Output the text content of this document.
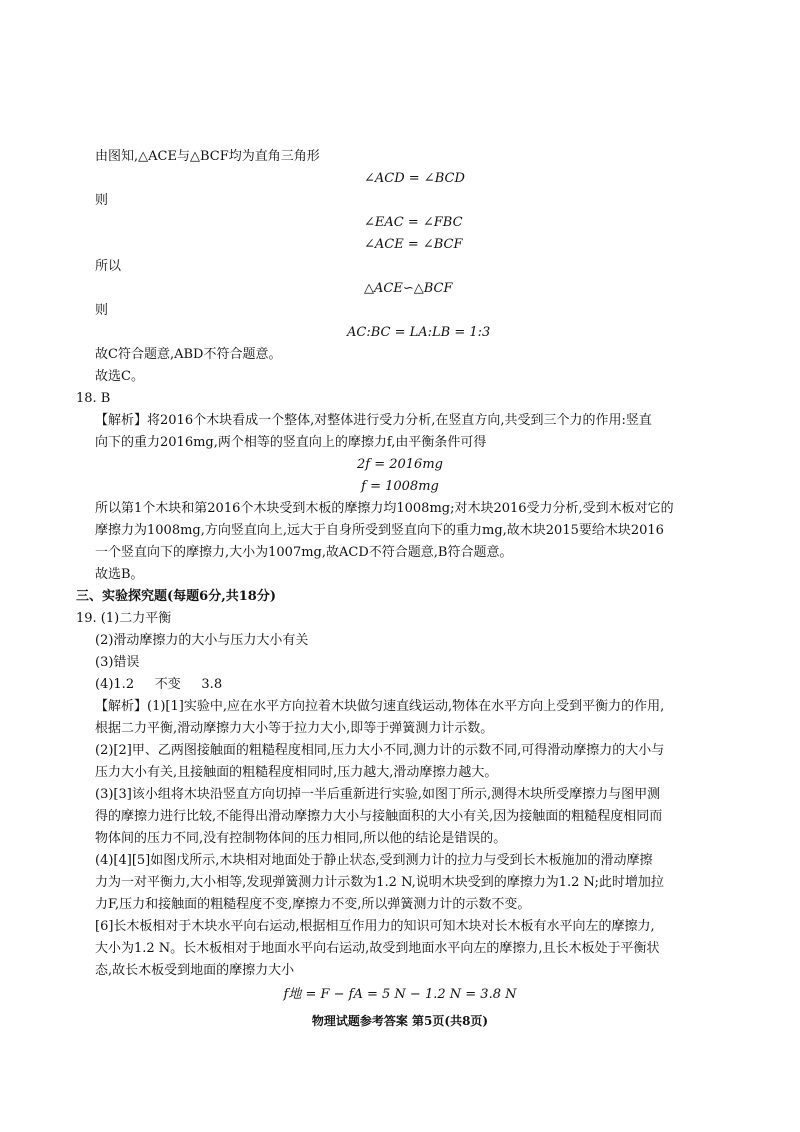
由图知,△ACE与△BCF均为直角三角形
∠ACD = ∠BCD
则
∠EAC = ∠FBC
∠ACE = ∠BCF
所以
△ACE∽△BCF
则
AC:BC = LA:LB = 1:3
故C符合题意,ABD不符合题意。
故选C。
18. B
【解析】将2016个木块看成一个整体,对整体进行受力分析,在竖直方向,共受到三个力的作用:竖直
向下的重力2016mg,两个相等的竖直向上的摩擦力f,由平衡条件可得
2f = 2016mg
f = 1008mg
所以第1个木块和第2016个木块受到木板的摩擦力均1008mg;对木块2016受力分析,受到木板对它的
摩擦力为1008mg,方向竖直向上,远大于自身所受到竖直向下的重力mg,故木块2015要给木块2016
一个竖直向下的摩擦力,大小为1007mg,故ACD不符合题意,B符合题意。
故选B。
三、实验探究题(每题6分,共18分)
19. (1)二力平衡
(2)滑动摩擦力的大小与压力大小有关
(3)错误
(4)1.2     不变     3.8
【解析】(1)[1]实验中,应在水平方向拉着木块做匀速直线运动,物体在水平方向上受到平衡力的作用,
根据二力平衡,滑动摩擦力大小等于拉力大小,即等于弹簧测力计示数。
(2)[2]甲、乙两图接触面的粗糙程度相同,压力大小不同,测力计的示数不同,可得滑动摩擦力的大小与
压力大小有关,且接触面的粗糙程度相同时,压力越大,滑动摩擦力越大。
(3)[3]该小组将木块沿竖直方向切掉一半后重新进行实验,如图丁所示,测得木块所受摩擦力与图甲测
得的摩擦力进行比较,不能得出滑动摩擦力大小与接触面积的大小有关,因为接触面的粗糙程度相同而
物体间的压力不同,没有控制物体间的压力相同,所以他的结论是错误的。
(4)[4][5]如图戊所示,木块相对地面处于静止状态,受到测力计的拉力与受到长木板施加的滑动摩擦
力为一对平衡力,大小相等,发现弹簧测力计示数为1.2 N,说明木块受到的摩擦力为1.2 N;此时增加拉
力F,压力和接触面的粗糙程度不变,摩擦力不变,所以弹簧测力计的示数不变。
[6]长木板相对于木块水平向右运动,根据相互作用力的知识可知木块对长木板有水平向左的摩擦力,
大小为1.2 N。长木板相对于地面水平向右运动,故受到地面水平向左的摩擦力,且长木板处于平衡状
态,故长木板受到地面的摩擦力大小
f地 = F − fA = 5 N − 1.2 N = 3.8 N
物理试题参考答案 第5页(共8页)
